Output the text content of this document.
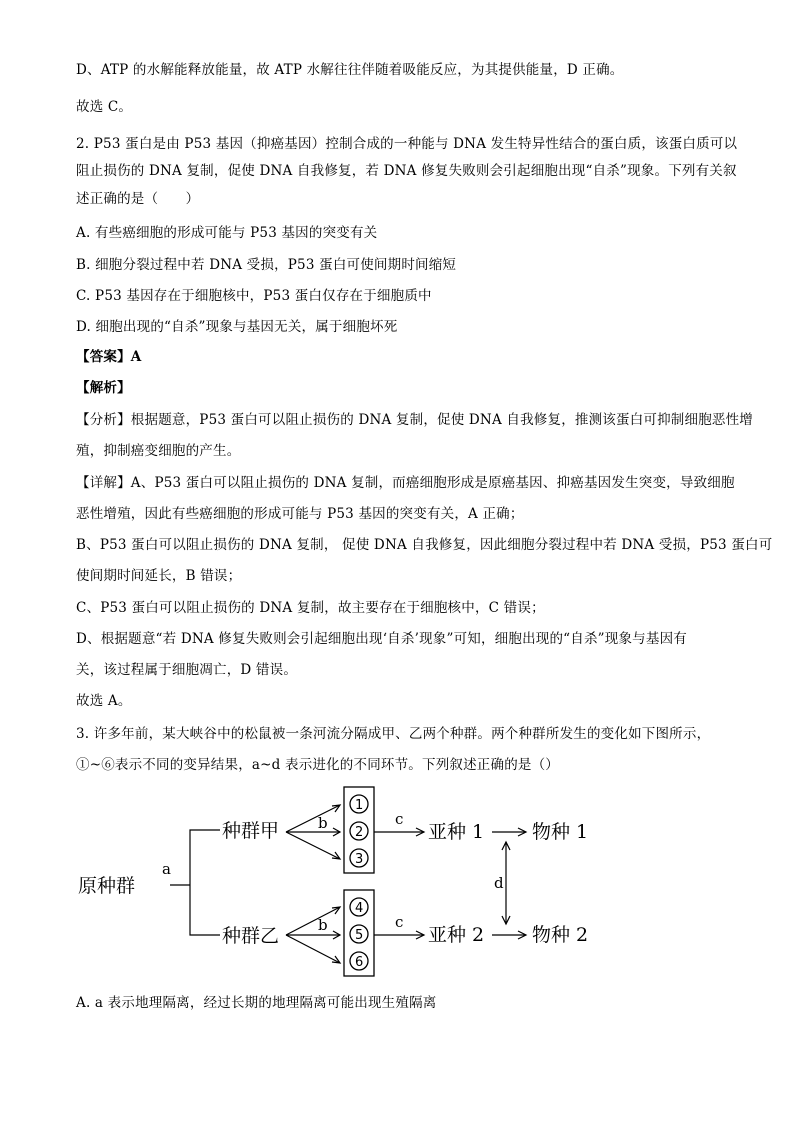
D、ATP 的水解能释放能量，故 ATP 水解往往伴随着吸能反应，为其提供能量，D 正确。
故选 C。
2. P53 蛋白是由 P53 基因（抑癌基因）控制合成的一种能与 DNA 发生特异性结合的蛋白质，该蛋白质可以
阻止损伤的 DNA 复制，促使 DNA 自我修复，若 DNA 修复失败则会引起细胞出现“自杀”现象。下列有关叙
述正确的是（　　）
A. 有些癌细胞的形成可能与 P53 基因的突变有关
B. 细胞分裂过程中若 DNA 受损，P53 蛋白可使间期时间缩短
C. P53 基因存在于细胞核中，P53 蛋白仅存在于细胞质中
D. 细胞出现的“自杀”现象与基因无关，属于细胞坏死
【答案】A
【解析】
【分析】根据题意，P53 蛋白可以阻止损伤的 DNA 复制，促使 DNA 自我修复，推测该蛋白可抑制细胞恶性增
殖，抑制癌变细胞的产生。
【详解】A、P53 蛋白可以阻止损伤的 DNA 复制，而癌细胞形成是原癌基因、抑癌基因发生突变，导致细胞
恶性增殖，因此有些癌细胞的形成可能与 P53 基因的突变有关，A 正确；
B、P53 蛋白可以阻止损伤的 DNA 复制， 促使 DNA 自我修复，因此细胞分裂过程中若 DNA 受损，P53 蛋白可
使间期时间延长，B 错误；
C、P53 蛋白可以阻止损伤的 DNA 复制，故主要存在于细胞核中，C 错误；
D、根据题意“若 DNA 修复失败则会引起细胞出现‘自杀’现象”可知，细胞出现的“自杀”现象与基因有
关，该过程属于细胞凋亡，D 错误。
故选 A。
3. 许多年前，某大峡谷中的松鼠被一条河流分隔成甲、乙两个种群。两个种群所发生的变化如下图所示，
①~⑥表示不同的变异结果，a~d 表示进化的不同环节。下列叙述正确的是（）
原种群
a
种群甲	b
1
2
3
c
亚种 1	物种 1
d
种群乙	b
4
5
6
c
亚种 2	物种 2
A. a 表示地理隔离，经过长期的地理隔离可能出现生殖隔离
